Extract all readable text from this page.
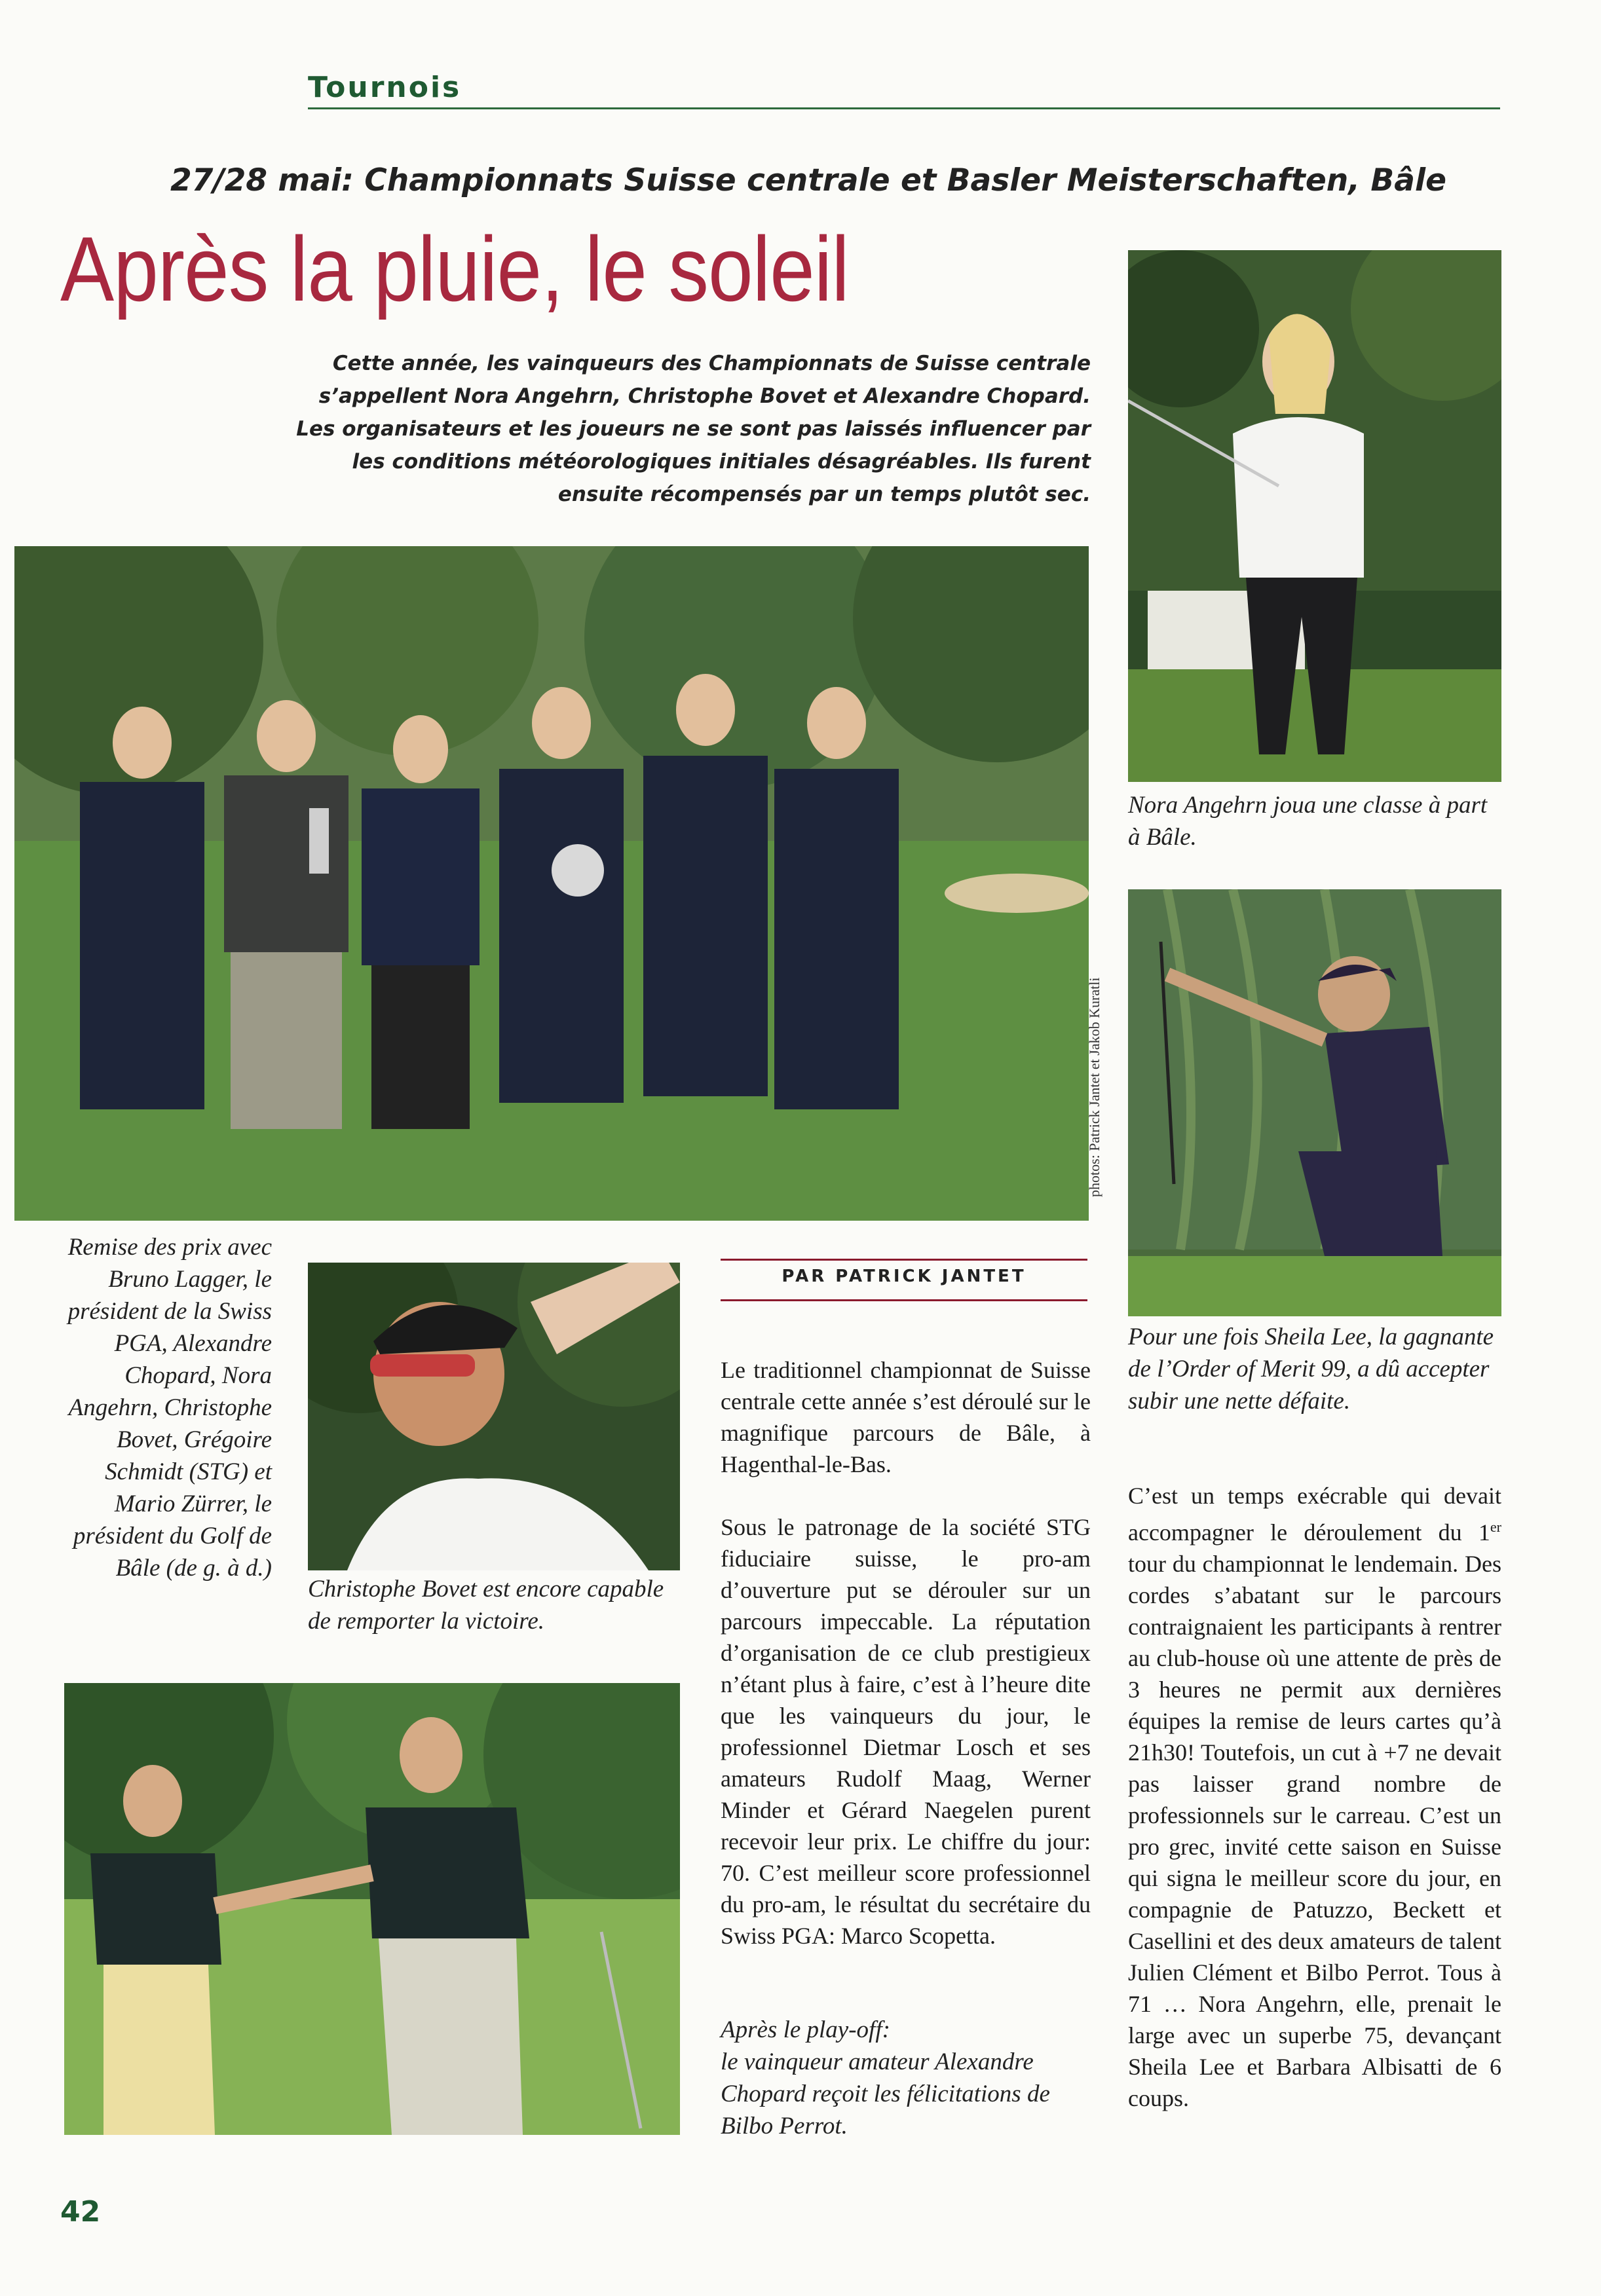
Tournois
27/28 mai: Championnats Suisse centrale et Basler Meisterschaften, Bâle
Après la pluie, le soleil
Cette année, les vainqueurs des Championnats de Suisse centrale s’appellent Nora Angehrn, Christophe Bovet et Alexandre Chopard. Les organisateurs et les joueurs ne se sont pas laissés influencer par les conditions météorologiques initiales désagréables. Ils furent ensuite récompensés par un temps plutôt sec.
Nora Angehrn joua une classe à part à Bâle.
photos: Patrick Jantet et Jakob Kuratli
Pour une fois Sheila Lee, la gagnante de l’Order of Merit 99, a dû accepter subir une nette défaite.
Remise des prix avec Bruno Lagger, le président de la Swiss PGA, Alexandre Chopard, Nora Angehrn, Christophe Bovet, Grégoire Schmidt (STG) et Mario Zürrer, le président du Golf de Bâle (de g. à d.)
Christophe Bovet est encore capable de remporter la victoire.
PAR PATRICK JANTET

Le traditionnel championnat de Suisse centrale cette année s’est déroulé sur le magnifique parcours de Bâle, à Hagenthal-le-Bas.

Sous le patronage de la société STG fiduciaire suisse, le pro-am d’ouverture put se dérouler sur un parcours impeccable. La réputation d’organisation de ce club prestigieux n’étant plus à faire, c’est à l’heure dite que les vainqueurs du jour, le professionnel Dietmar Losch et ses amateurs Rudolf Maag, Werner Minder et Gérard Naegelen purent recevoir leur prix. Le chiffre du jour: 70. C’est meilleur score professionnel du pro-am, le résultat du secrétaire du Swiss PGA: Marco Scopetta.

Après le play-off:
le vainqueur amateur Alexandre Chopard reçoit les félicitations de Bilbo Perrot.

C’est un temps exécrable qui devait accompagner le déroulement du 1er tour du championnat le lendemain. Des cordes s’abatant sur le parcours contraignaient les participants à rentrer au club-house où une attente de près de 3 heures ne permit aux dernières équipes la remise de leurs cartes qu’à 21h30! Toutefois, un cut à +7 ne devait pas laisser grand nombre de professionnels sur le carreau. C’est un pro grec, invité cette saison en Suisse qui signa le meilleur score du jour, en compagnie de Patuzzo, Beckett et Casellini et des deux amateurs de talent Julien Clément et Bilbo Perrot. Tous à 71 … Nora Angehrn, elle, prenait le large avec un superbe 75, devançant Sheila Lee et Barbara Albisatti de 6 coups.

42
